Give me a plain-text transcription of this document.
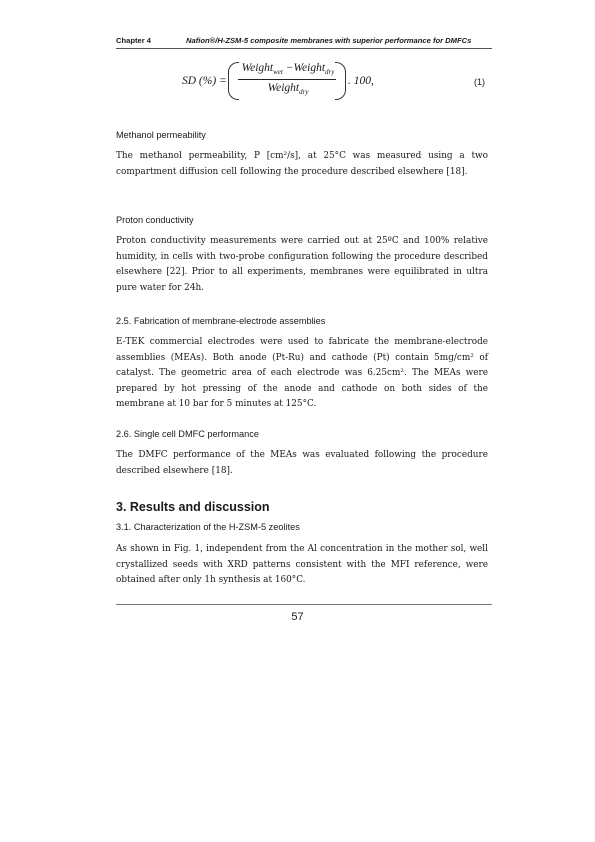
Chapter 4	Nafion®/H-ZSM-5 composite membranes with superior performance for DMFCs
SD (%) =
Weight$_{wet}$ −Weight$_{dry}$
Weight$_{dry}$
. 100,	(1)
Methanol permeability
The methanol permeability, P [cm²/s], at 25°C was measured using a two compartment diffusion cell following the procedure described elsewhere [18].
Proton conductivity
Proton conductivity measurements were carried out at 25ºC and 100% relative humidity, in cells with two-probe configuration following the procedure described elsewhere [22]. Prior to all experiments, membranes were equilibrated in ultra pure water for 24h.
2.5. Fabrication of membrane-electrode assemblies
E-TEK commercial electrodes were used to fabricate the membrane-electrode assemblies (MEAs). Both anode (Pt-Ru) and cathode (Pt) contain 5mg/cm² of catalyst. The geometric area of each electrode was 6.25cm². The MEAs were prepared by hot pressing of the anode and cathode on both sides of the membrane at 10 bar for 5 minutes at 125°C.
2.6. Single cell DMFC performance
The DMFC performance of the MEAs was evaluated following the procedure described elsewhere [18].
3. Results and discussion
3.1. Characterization of the H-ZSM-5 zeolites
As shown in Fig. 1, independent from the Al concentration in the mother sol, well crystallized seeds with XRD patterns consistent with the MFI reference, were obtained after only 1h synthesis at 160°C.
57
